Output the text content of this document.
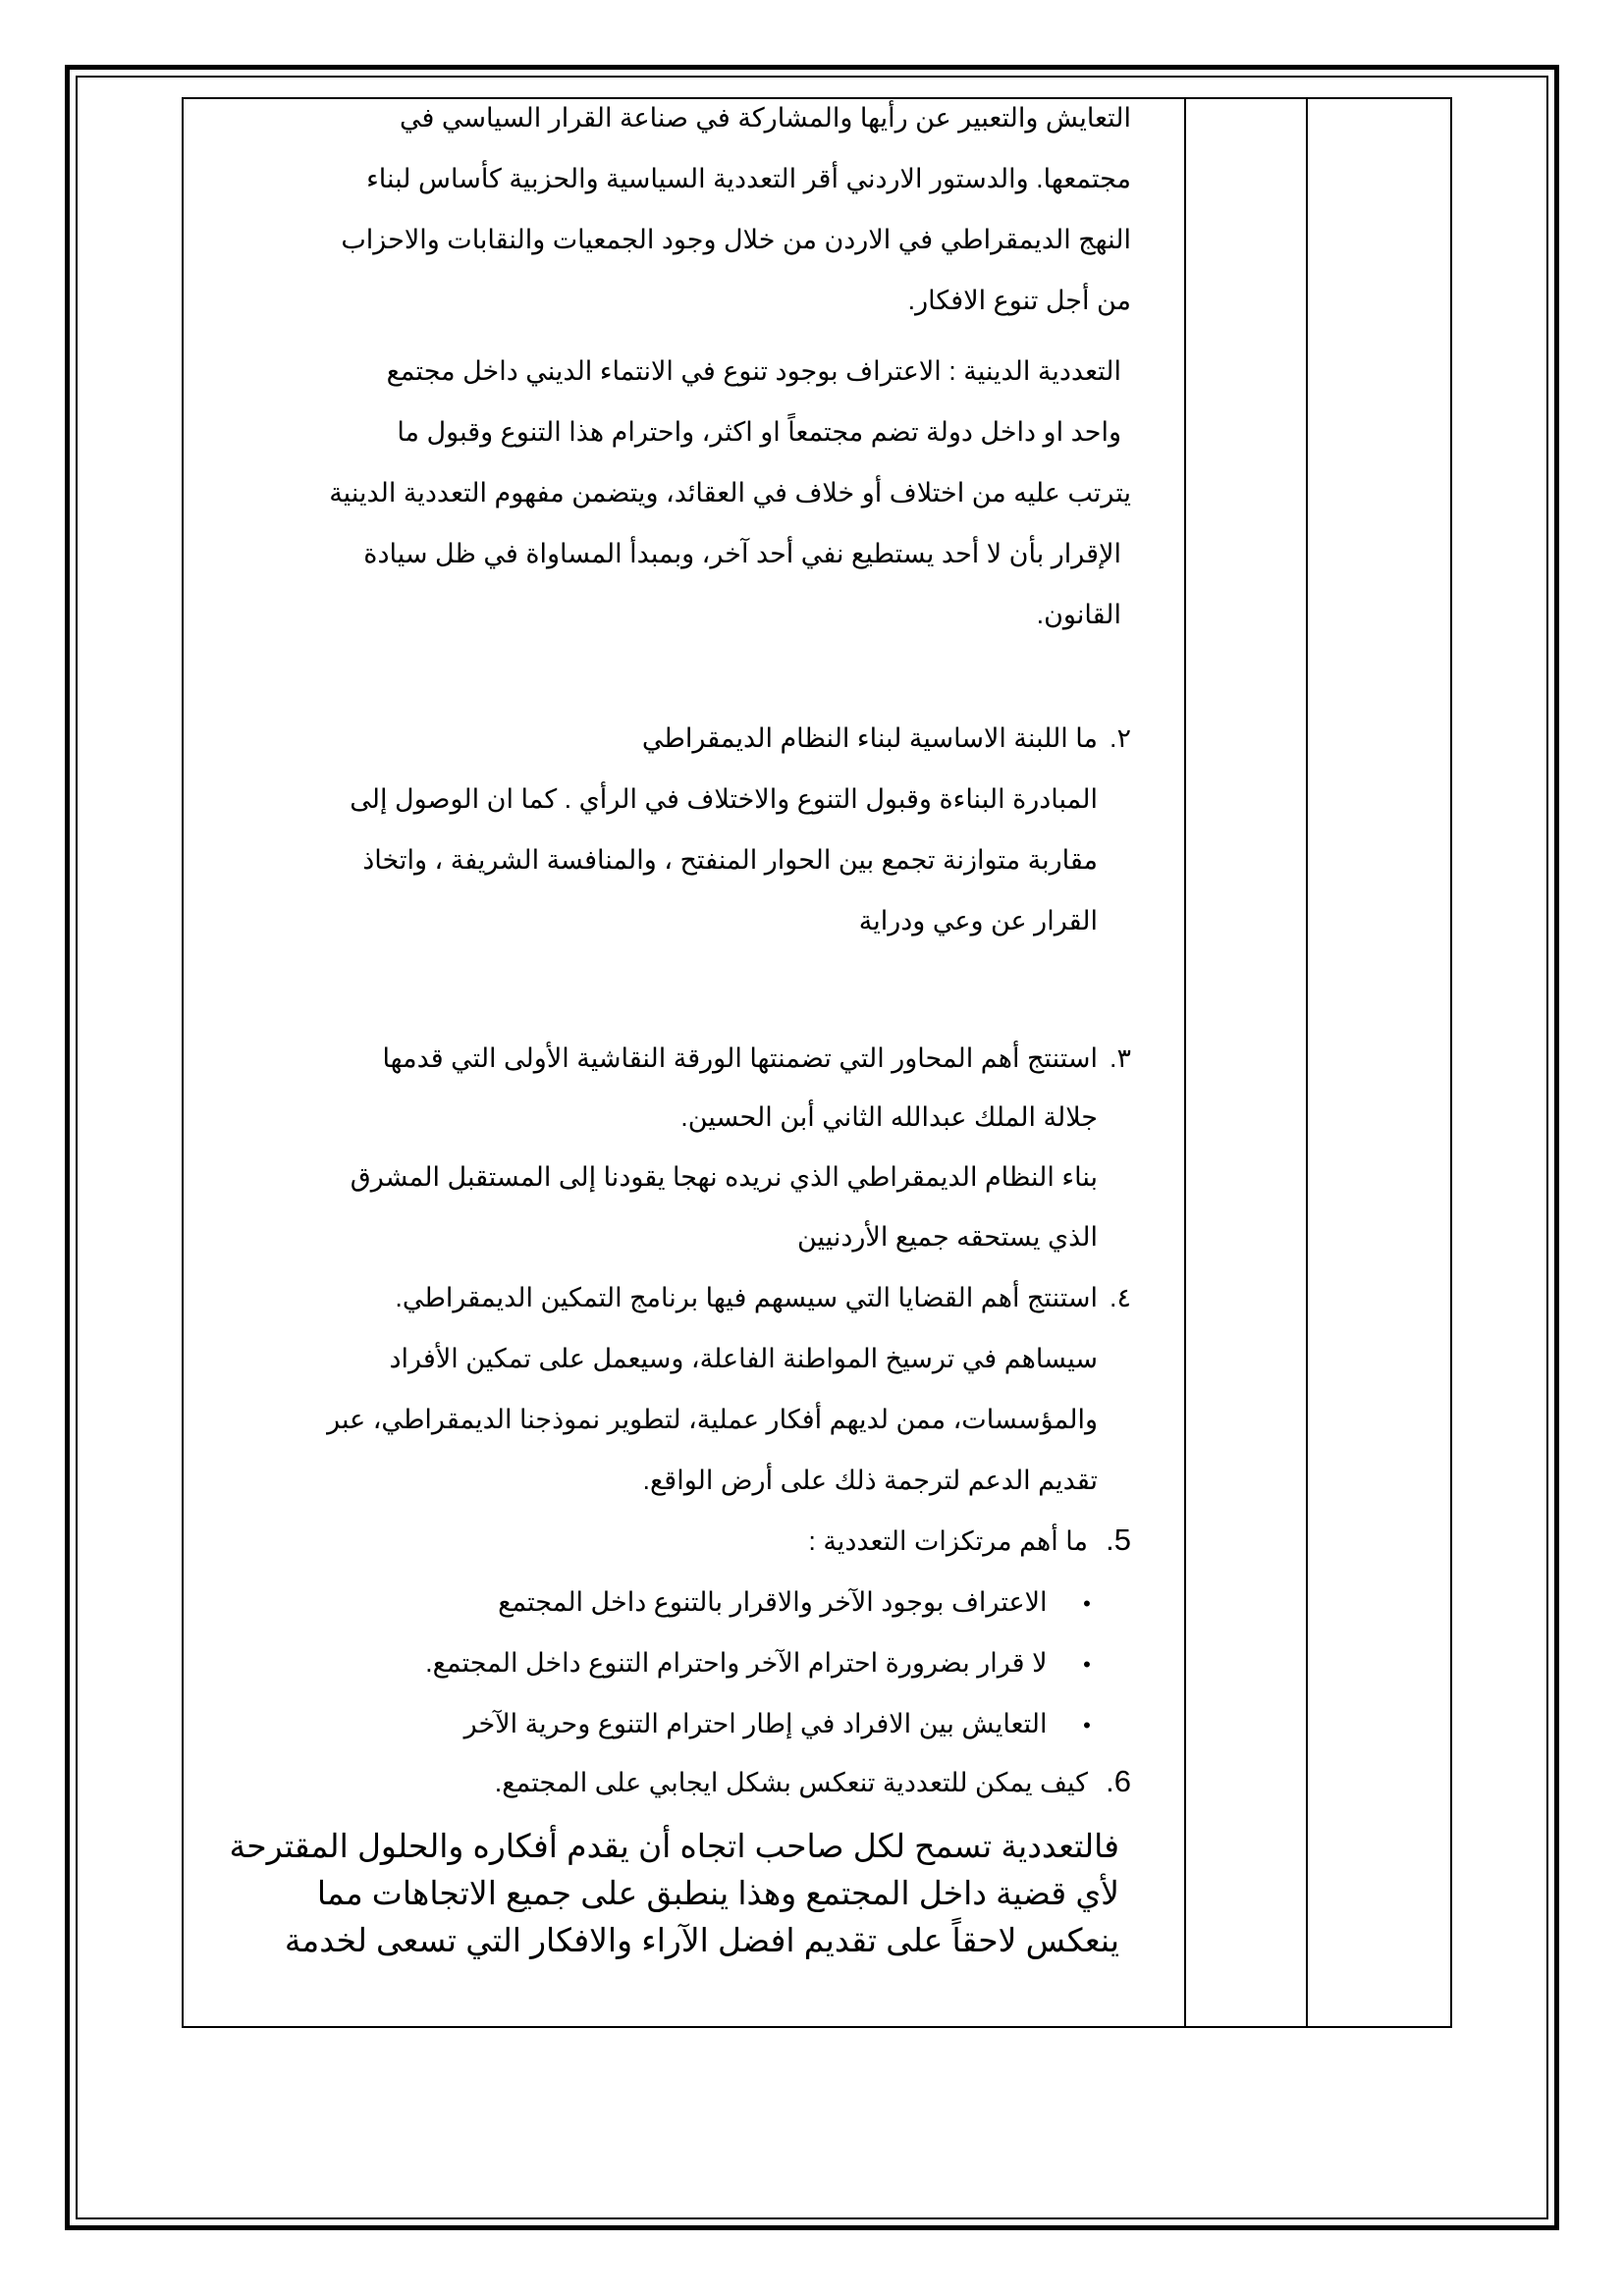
التعايش والتعبير عن رأيها والمشاركة في صناعة القرار السياسي في
مجتمعها. والدستور الاردني أقر التعددية السياسية والحزبية كأساس لبناء
النهج الديمقراطي في الاردن من خلال وجود الجمعيات والنقابات والاحزاب
من أجل تنوع الافكار.
التعددية الدينية : الاعتراف بوجود تنوع في الانتماء الديني داخل مجتمع
واحد او داخل دولة تضم مجتمعاً او اكثر، واحترام هذا التنوع وقبول ما
يترتب عليه من اختلاف أو خلاف في العقائد، ويتضمن مفهوم التعددية الدينية
الإقرار بأن لا أحد يستطيع نفي أحد آخر، وبمبدأ المساواة في ظل سيادة
القانون.
٢.
ما اللبنة الاساسية لبناء النظام الديمقراطي
المبادرة البناءة وقبول التنوع والاختلاف في الرأي . كما ان الوصول إلى
مقاربة متوازنة تجمع بين الحوار المنفتح ، والمنافسة الشريفة ، واتخاذ
القرار عن وعي ودراية
٣.
استنتج أهم المحاور التي تضمنتها الورقة النقاشية الأولى التي قدمها
جلالة الملك عبدالله الثاني أبن الحسين.
بناء النظام الديمقراطي الذي نريده نهجا يقودنا إلى المستقبل المشرق
الذي يستحقه جميع الأردنيين
٤.
استنتج أهم القضايا التي سيسهم فيها برنامج التمكين الديمقراطي.
سيساهم في ترسيخ المواطنة الفاعلة، وسيعمل على تمكين الأفراد
والمؤسسات، ممن لديهم أفكار عملية، لتطوير نموذجنا الديمقراطي، عبر
تقديم الدعم لترجمة ذلك على أرض الواقع.
5.
ما أهم مرتكزات التعددية :
• الاعتراف بوجود الآخر والاقرار بالتنوع داخل المجتمع
• لا قرار بضرورة احترام الآخر واحترام التنوع داخل المجتمع.
• التعايش بين الافراد في إطار احترام التنوع وحرية الآخر
6.
كيف يمكن للتعددية تنعكس بشكل ايجابي على المجتمع.
فالتعددية تسمح لكل صاحب اتجاه أن يقدم أفكاره والحلول المقترحة
لأي قضية داخل المجتمع وهذا ينطبق على جميع الاتجاهات مما
ينعكس لاحقاً على تقديم افضل الآراء والافكار التي تسعى لخدمة
